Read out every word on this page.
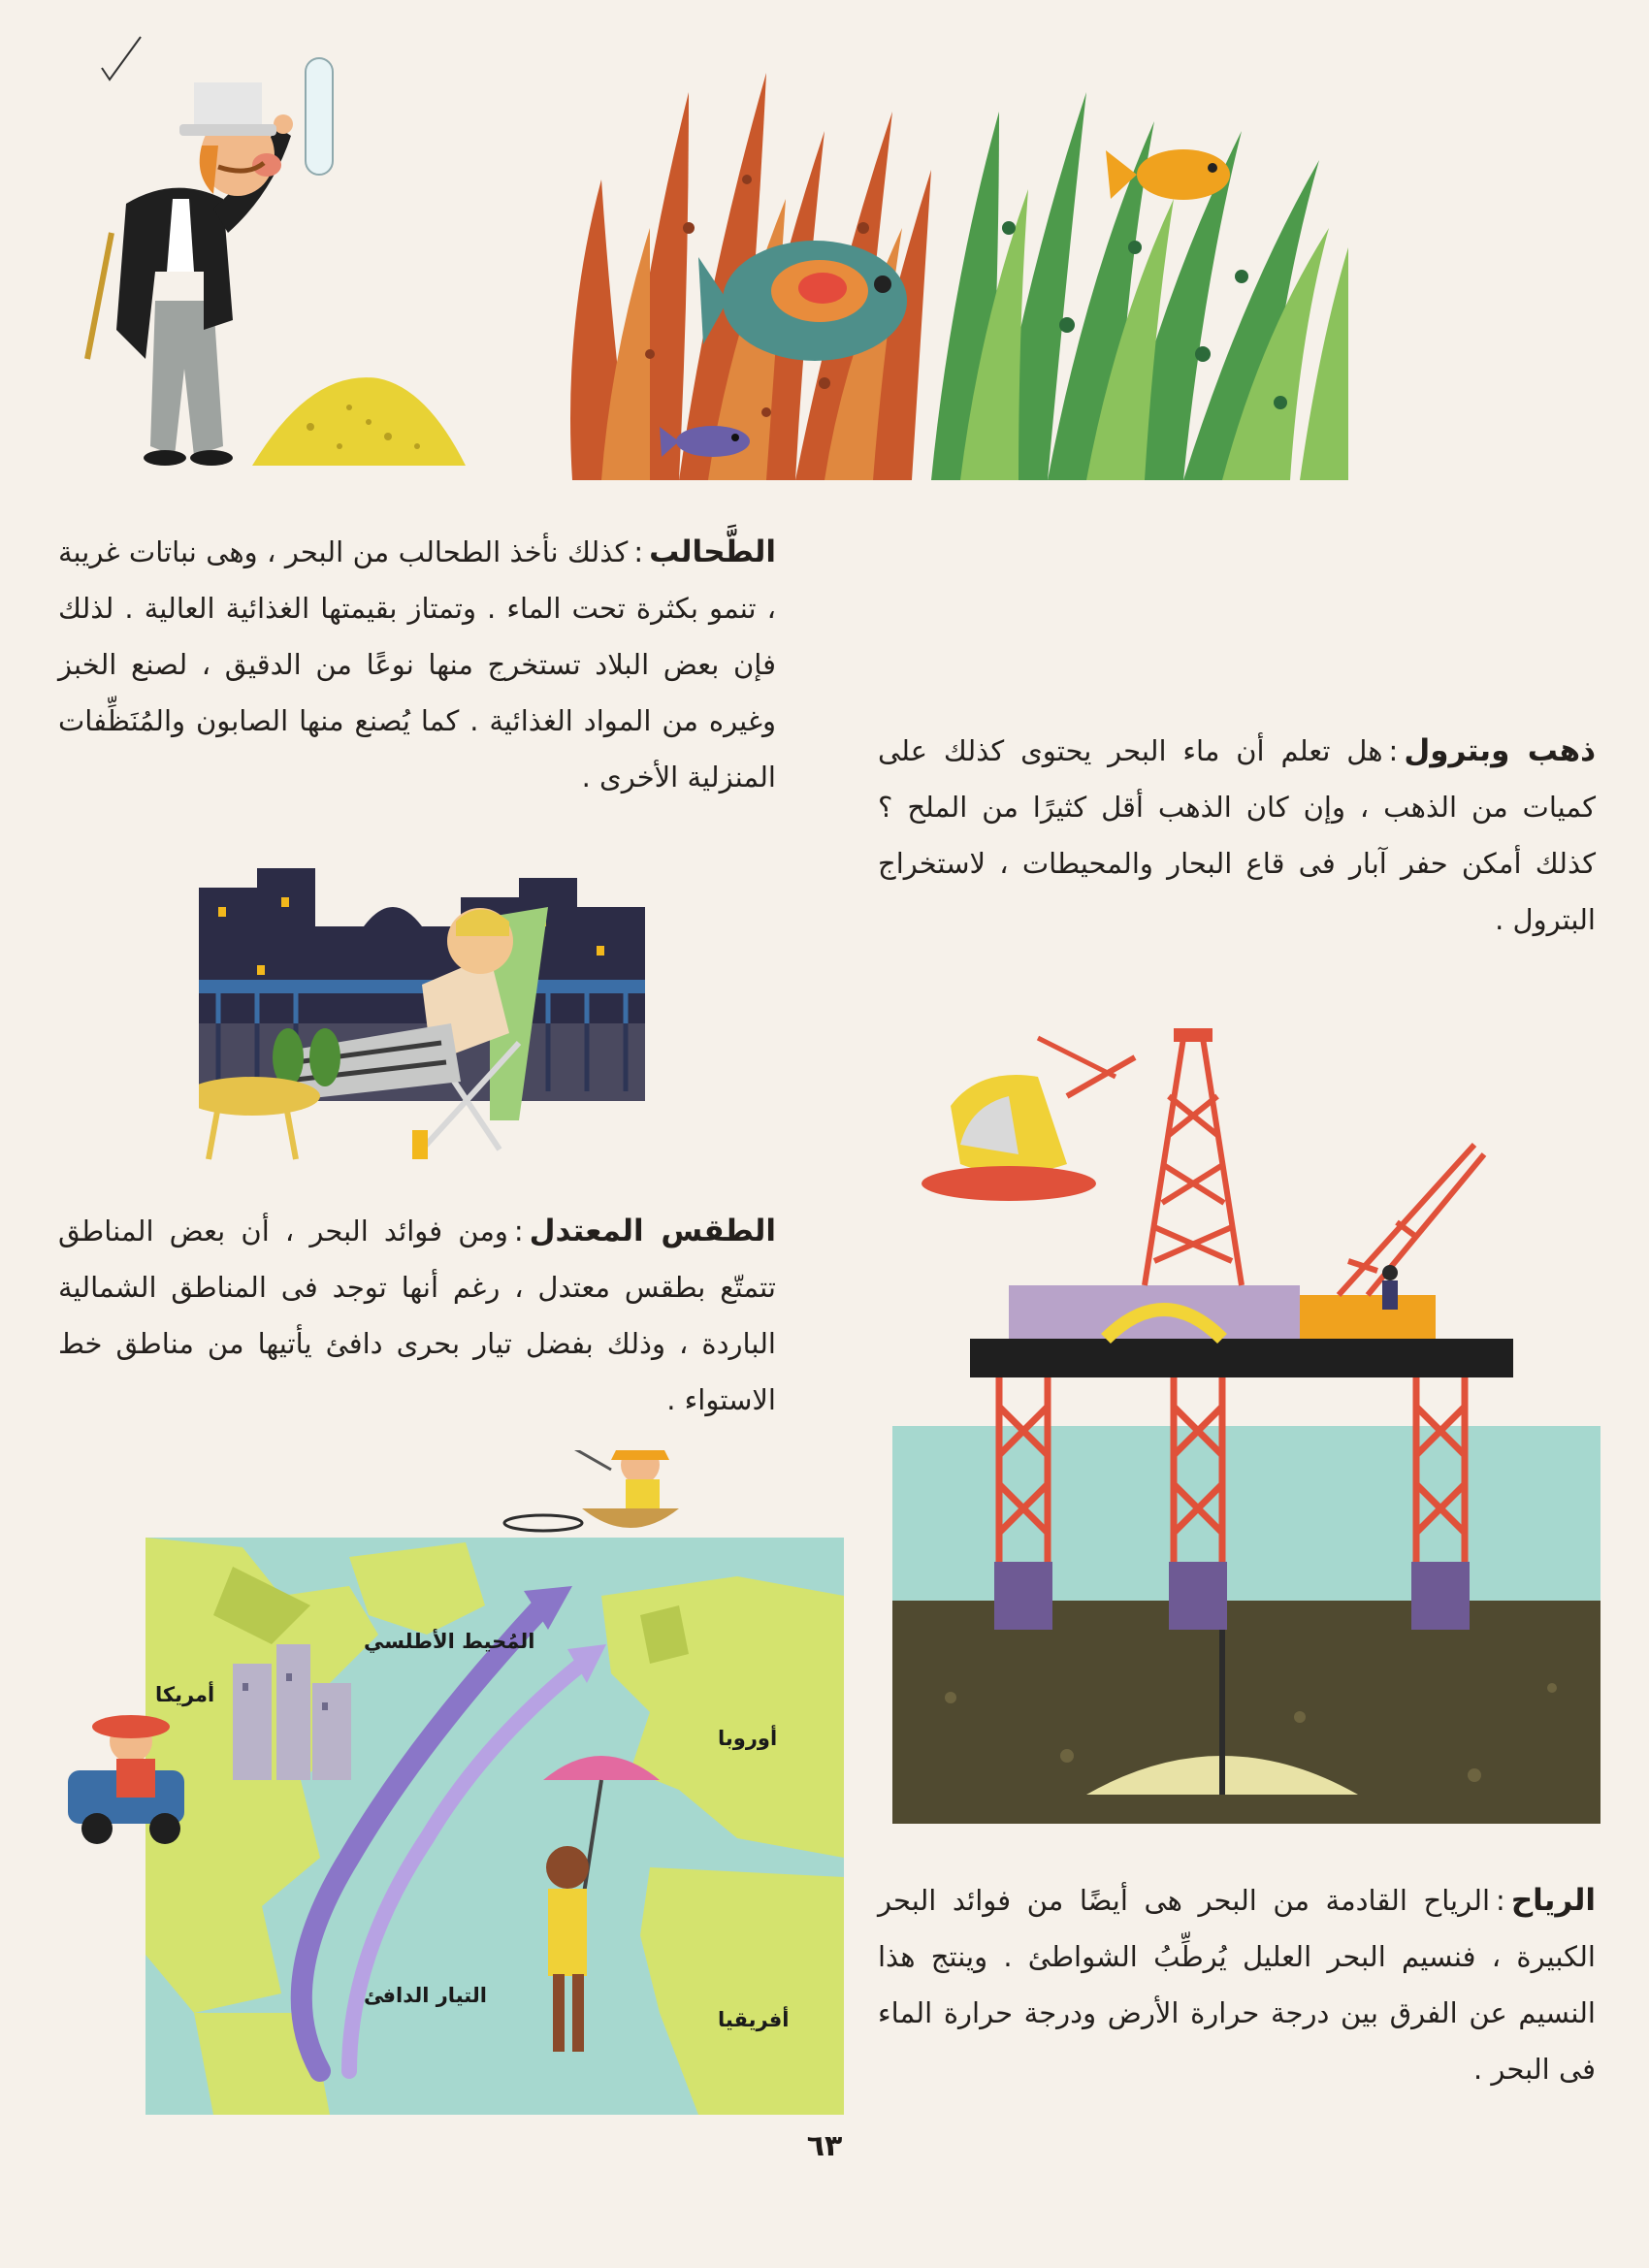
الطَّحالب:كذلك نأخذ الطحالب من البحر ، وهى نباتات غريبة ، تنمو بكثرة تحت الماء . وتمتاز بقيمتها الغذائية العالية . لذلك فإن بعض البلاد تستخرج منها نوعًا من الدقيق ، لصنع الخبز وغيره من المواد الغذائية . كما يُصنع منها الصابون والمُنَظِّفات المنزلية الأخرى .
ذهب وبترول:هل تعلم أن ماء البحر يحتوى كذلك على كميات من الذهب ، وإن كان الذهب أقل كثيرًا من الملح ؟ كذلك أمكن حفر آبار فى قاع البحار والمحيطات ، لاستخراج البترول .
الطقس المعتدل:ومن فوائد البحر ، أن بعض المناطق تتمتّع بطقس معتدل ، رغم أنها توجد فى المناطق الشمالية الباردة ، وذلك بفضل تيار بحرى دافئ يأتيها من مناطق خط الاستواء .
الرياح:الرياح القادمة من البحر هى أيضًا من فوائد البحر الكبيرة ، فنسيم البحر العليل يُرطِّبُ الشواطئ . وينتج هذا النسيم عن الفرق بين درجة حرارة الأرض ودرجة حرارة الماء فى البحر .
المُحيط الأطلسي
أمريكا
أوروبا
التيار الدافئ
أفريقيا
٦٣
